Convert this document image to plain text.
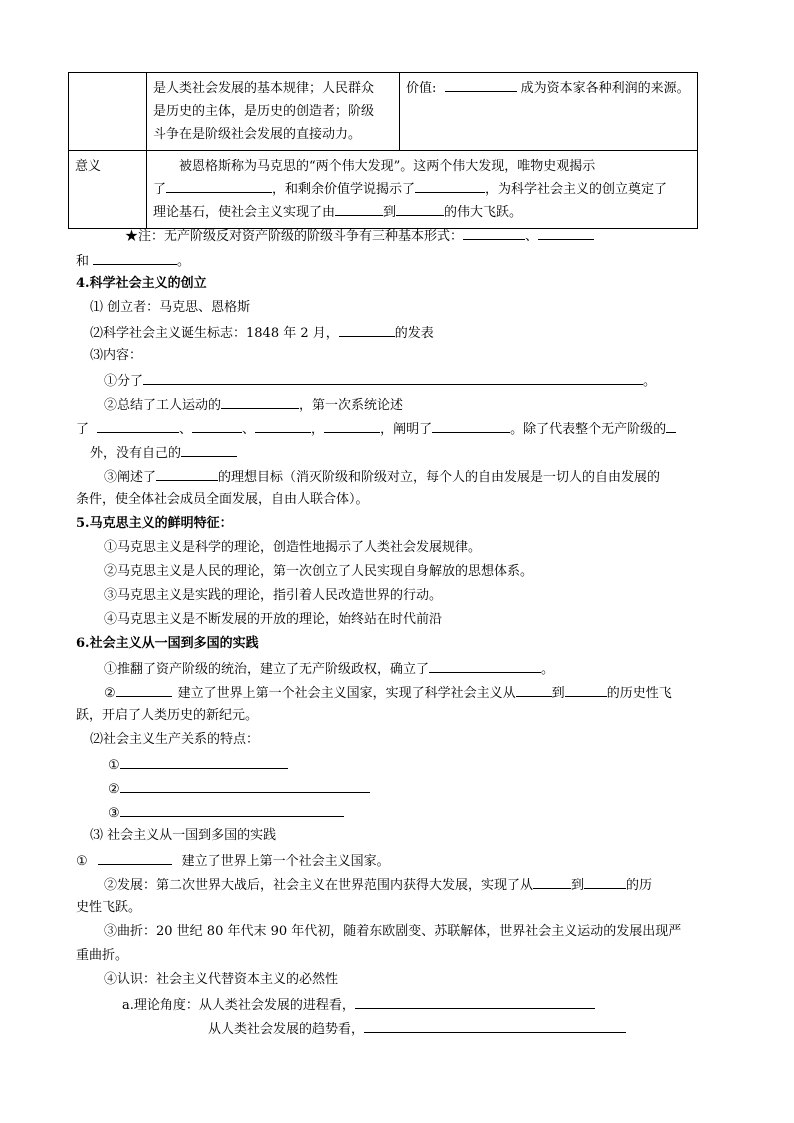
	是人类社会发展的基本规律；人民群众
是历史的主体，是历史的创造者；阶级
斗争在是阶级社会发展的直接动力。	价值: 成为资本家各种利润的来源。
意义	被恩格斯称为马克思的“两个伟大发现”。这两个伟大发现，唯物史观揭示
了 ，和剩余价值学说揭示了 ，为科学社会主义的创立奠定了
理论基石，使社会主义实现了由 到 的伟大飞跃。	
★注：无产阶级反对资产阶级的阶级斗争有三种基本形式：	、
和	。
4.科学社会主义的创立
⑴ 创立者：马克思、恩格斯
⑵科学社会主义诞生标志：1848 年 2 月，	的发表
⑶内容：
①分了	。
②总结了工人运动的	，第一次系统论述
了	、	、	，	，阐明了	。除了代表整个无产阶级的
外，没有自己的
③阐述了	的理想目标（消灭阶级和阶级对立，每个人的自由发展是一切人的自由发展的
条件，使全体社会成员全面发展，自由人联合体）。
5.马克思主义的鲜明特征：
①马克思主义是科学的理论，创造性地揭示了人类社会发展规律。
②马克思主义是人民的理论，第一次创立了人民实现自身解放的思想体系。
③马克思主义是实践的理论，指引着人民改造世界的行动。
④马克思主义是不断发展的开放的理论，始终站在时代前沿
6.社会主义从一国到多国的实践
①推翻了资产阶级的统治，建立了无产阶级政权，确立了	。
②	建立了世界上第一个社会主义国家，实现了科学社会主义从	到	的历史性飞
跃，开启了人类历史的新纪元。
⑵社会主义生产关系的特点：
①
②
③
⑶ 社会主义从一国到多国的实践
①	建立了世界上第一个社会主义国家。
②发展：第二次世界大战后，社会主义在世界范围内获得大发展，实现了从	到	的历
史性飞跃。
③曲折：20 世纪 80 年代末 90 年代初，随着东欧剧变、苏联解体，世界社会主义运动的发展出现严
重曲折。
④认识：社会主义代替资本主义的必然性
a.理论角度：从人类社会发展的进程看，
从人类社会发展的趋势看，
